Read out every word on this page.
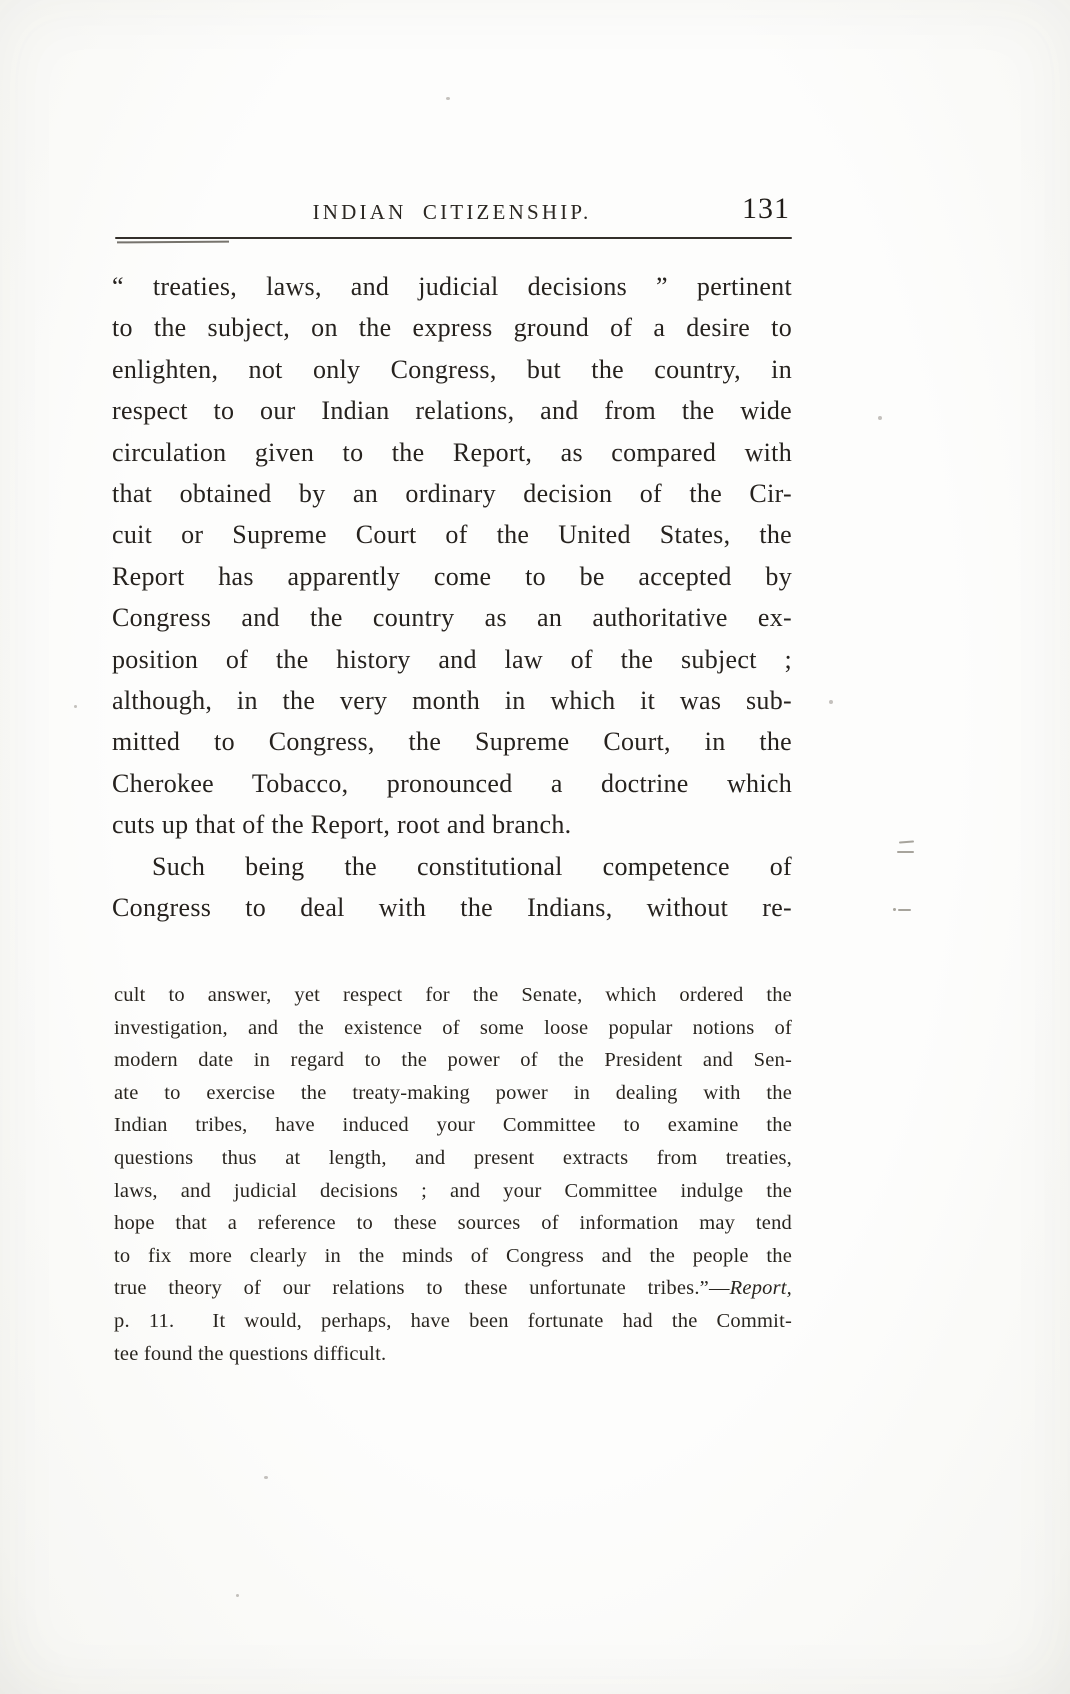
INDIAN CITIZENSHIP.	131
“ treaties, laws, and judicial decisions ” pertinent
to the subject, on the express ground of a desire to
enlighten, not only Congress, but the country, in
respect to our Indian relations, and from the wide
circulation given to the Report, as compared with
that obtained by an ordinary decision of the Cir-
cuit or Supreme Court of the United States, the
Report has apparently come to be accepted by
Congress and the country as an authoritative ex-
position of the history and law of the subject ;
although, in the very month in which it was sub-
mitted to Congress, the Supreme Court, in the
Cherokee Tobacco, pronounced a doctrine which
cuts up that of the Report, root and branch.
Such being the constitutional competence of
Congress to deal with the Indians, without re-
cult to answer, yet respect for the Senate, which ordered the
investigation, and the existence of some loose popular notions of
modern date in regard to the power of the President and Sen-
ate to exercise the treaty-making power in dealing with the
Indian tribes, have induced your Committee to examine the
questions thus at length, and present extracts from treaties,
laws, and judicial decisions ; and your Committee indulge the
hope that a reference to these sources of information may tend
to fix more clearly in the minds of Congress and the people the
true theory of our relations to these unfortunate tribes.”—Report,
p. 11.  It would, perhaps, have been fortunate had the Commit-
tee found the questions difficult.
